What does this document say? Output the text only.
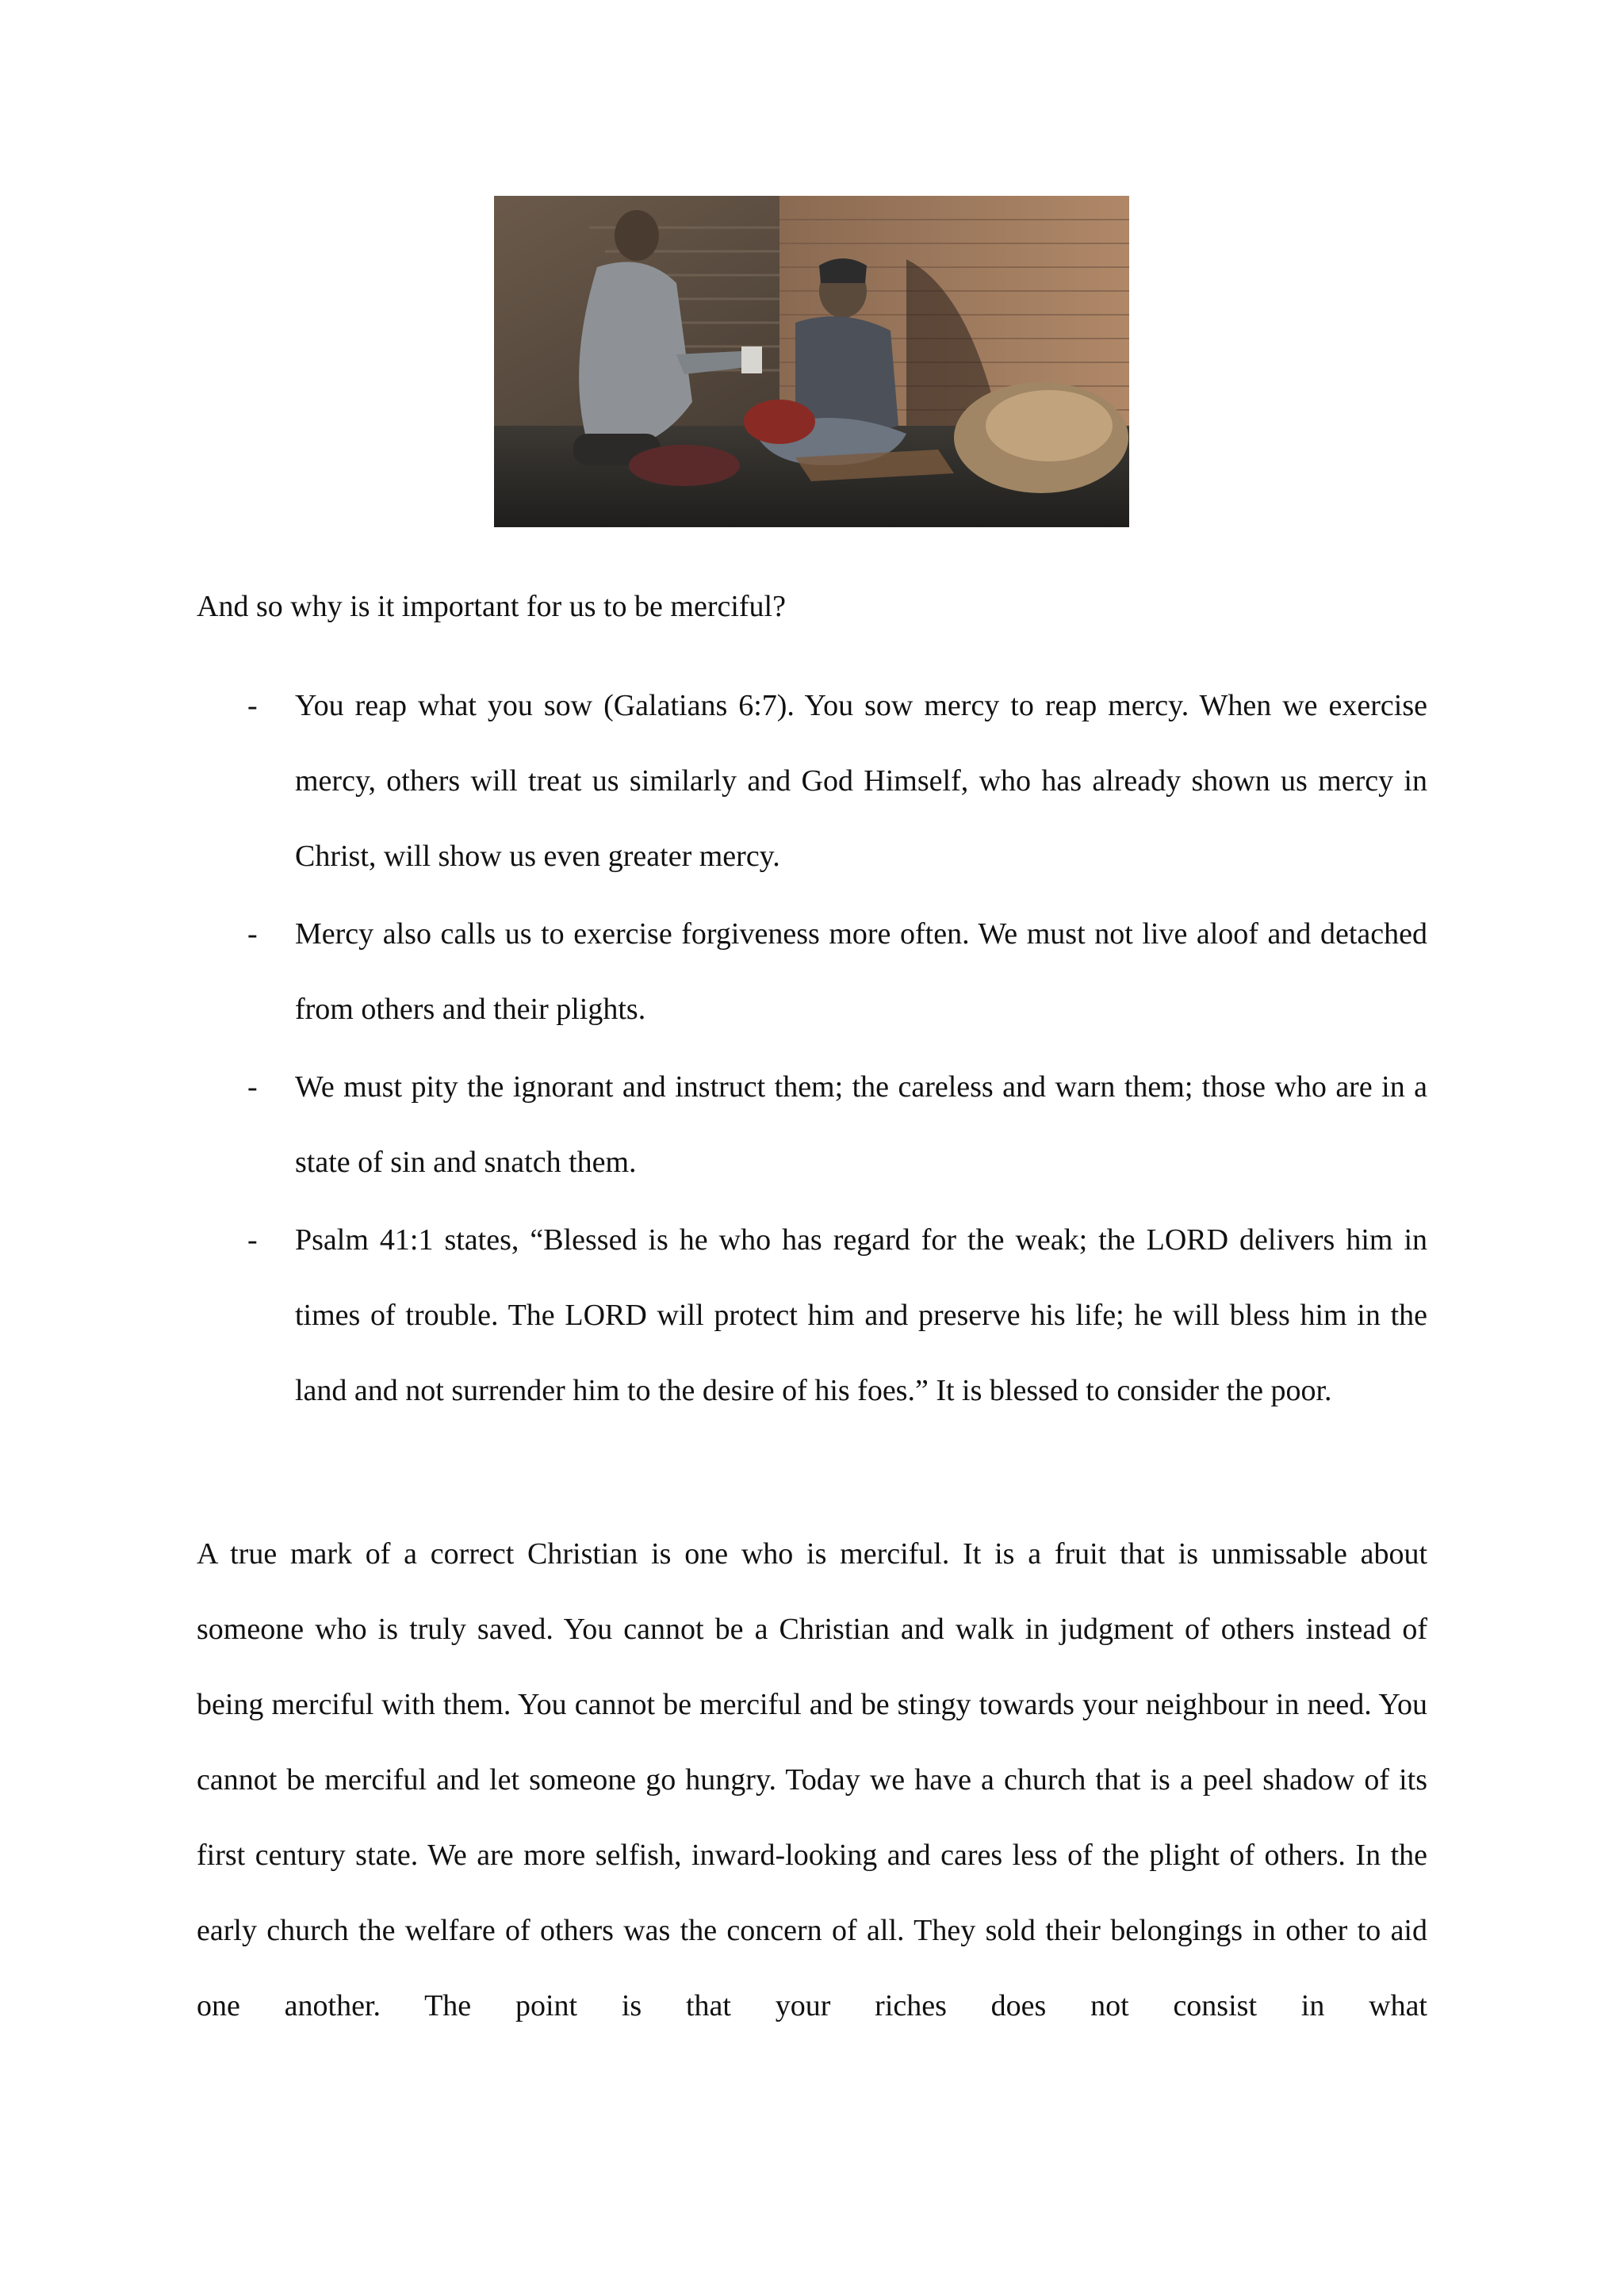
And so why is it important for us to be merciful?
- You reap what you sow (Galatians 6:7). You sow mercy to reap mercy. When we exercise mercy, others will treat us similarly and God Himself, who has already shown us mercy in Christ, will show us even greater mercy.
- Mercy also calls us to exercise forgiveness more often. We must not live aloof and detached from others and their plights.
- We must pity the ignorant and instruct them; the careless and warn them; those who are in a state of sin and snatch them.
- Psalm 41:1 states, “Blessed is he who has regard for the weak; the LORD delivers him in times of trouble. The LORD will protect him and preserve his life; he will bless him in the land and not surrender him to the desire of his foes.” It is blessed to consider the poor.
A true mark of a correct Christian is one who is merciful. It is a fruit that is unmissable about someone who is truly saved. You cannot be a Christian and walk in judgment of others instead of being merciful with them. You cannot be merciful and be stingy towards your neighbour in need. You cannot be merciful and let someone go hungry. Today we have a church that is a peel shadow of its first century state. We are more selfish, inward-looking and cares less of the plight of others. In the early church the welfare of others was the concern of all. They sold their belongings in other to aid one another. The point is that your riches does not consist in what
